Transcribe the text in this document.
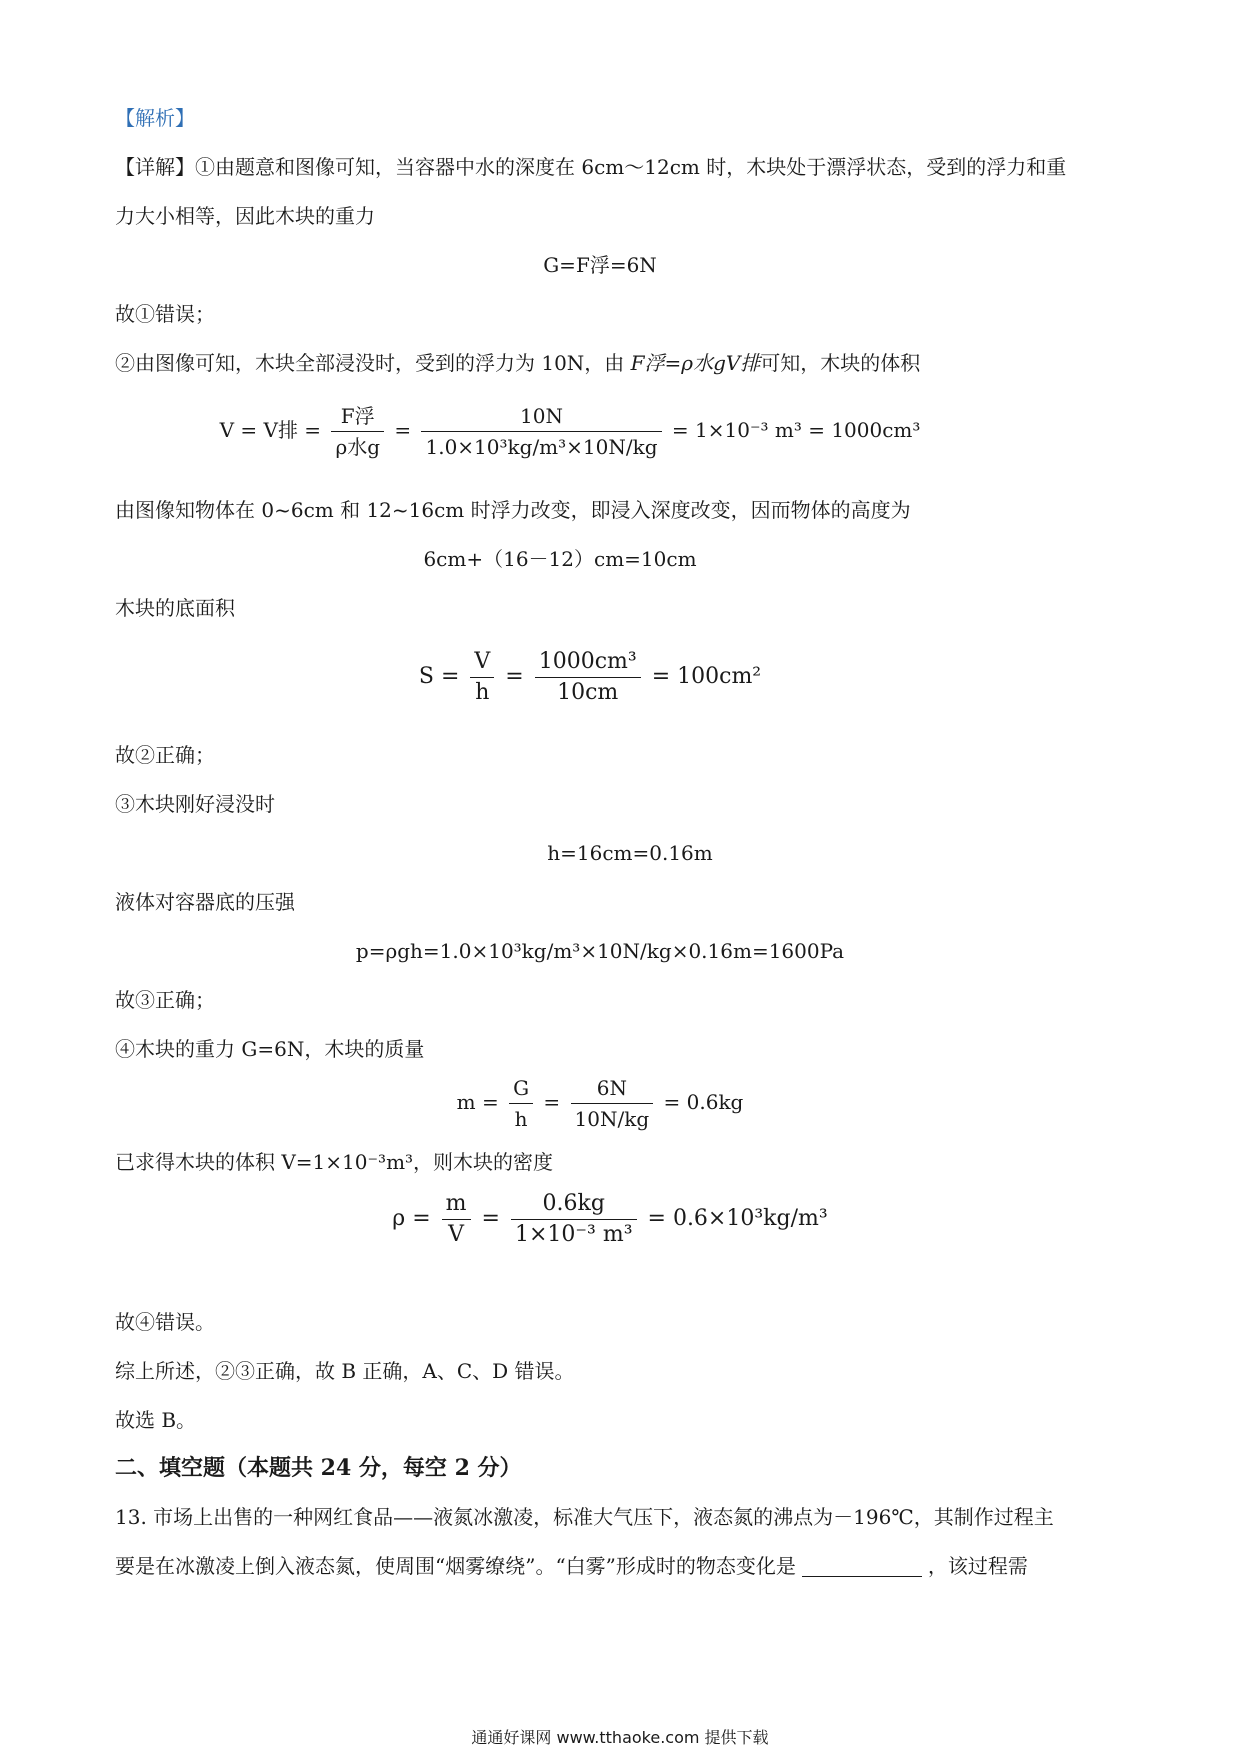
【解析】
【详解】①由题意和图像可知，当容器中水的深度在 6cm～12cm 时，木块处于漂浮状态，受到的浮力和重
力大小相等，因此木块的重力
G=F浮=6N
故①错误；
②由图像可知，木块全部浸没时，受到的浮力为 10N，由 F浮=ρ水gV排可知，木块的体积
V = V排 = $\frac{\text{F浮}}{\text{ρ水g}} = \frac{10N}{\text{1.0×10³kg/m³×10N/kg}} = 1\times 10^{-3}$ m³ = 1000cm³
由图像知物体在 0~6cm 和 12~16cm 时浮力改变，即浸入深度改变，因而物体的高度为
6cm+（16－12）cm=10cm
木块的底面积
$S = \frac{V}{h} = \frac{\text{1000cm³}}{10cm} = 100cm^2$
故②正确；
③木块刚好浸没时
h=16cm=0.16m
液体对容器底的压强
p=ρgh=1.0×10³kg/m³×10N/kg×0.16m=1600Pa
故③正确；
④木块的重力 G=6N，木块的质量
$m = \frac{G}{h} = \frac{6N}{10N/kg} = 0.6kg$
已求得木块的体积 V=1×10⁻³m³，则木块的密度
$\rho = \frac{m}{V} = \frac{0.6kg}{\text{1×10⁻³ m³}} = 0.6\times 10^3kg/m^3$
故④错误。
综上所述，②③正确，故 B 正确，A、C、D 错误。
故选 B。
二、填空题（本题共 24 分，每空 2 分）
13. 市场上出售的一种网红食品——液氮冰激凌，标准大气压下，液态氮的沸点为－196℃，其制作过程主
要是在冰激凌上倒入液态氮，使周围“烟雾缭绕”。“白雾”形成时的物态变化是	，该过程需
通通好课网 www.tthaoke.com 提供下载
